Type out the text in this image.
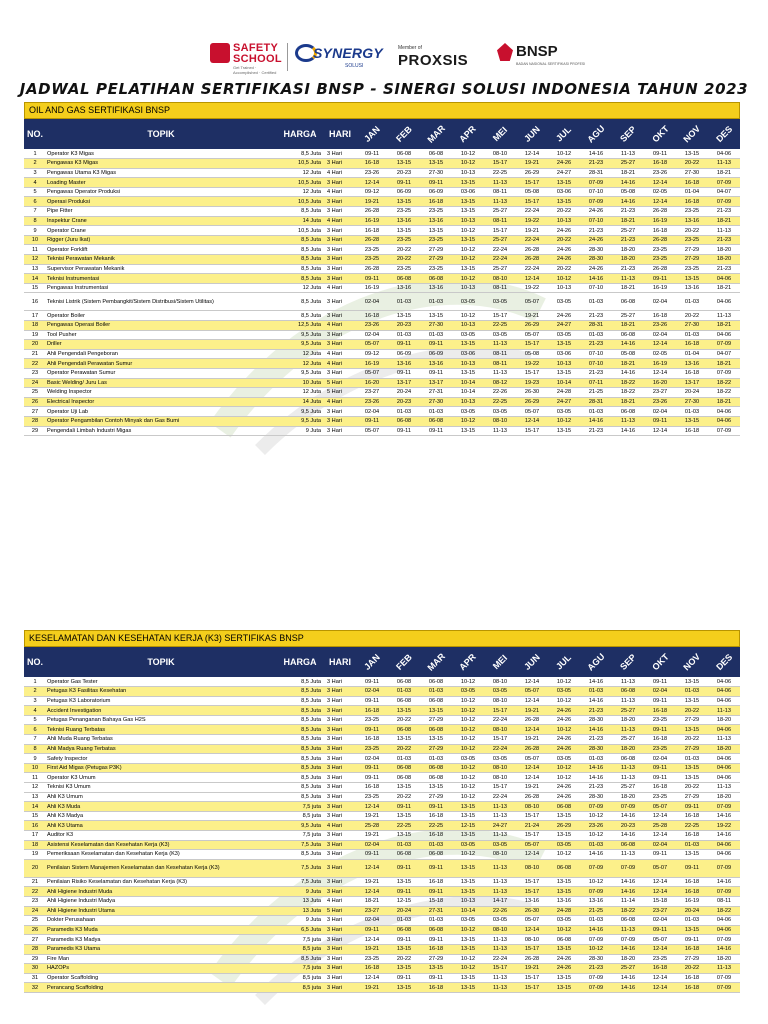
SAFETY
SCHOOL
Get Trained · Accomplished · Certified
SYNERGY
SOLUSI
Member of
PROXSIS
BNSP
BADAN NASIONAL SERTIFIKASI PROFESI
JADWAL PELATIHAN SERTIFIKASI BNSP - SINERGI SOLUSI INDONESIA TAHUN 2023
OIL AND GAS SERTIFIKASI BNSP
NO.	TOPIK	HARGA	HARI	JAN	FEB	MAR	APR	MEI	JUN	JUL	AGU	SEP	OKT	NOV	DES
1	Operator K3 Migas	8,5 Juta	3 Hari	09-11	06-08	06-08	10-12	08-10	12-14	10-12	14-16	11-13	09-11	13-15	04-06
2	Pengawas K3 Migas	10,5 Juta	3 Hari	16-18	13-15	13-15	10-12	15-17	19-21	24-26	21-23	25-27	16-18	20-22	11-13
3	Pengawas Utama K3 Migas	12 Juta	4 Hari	23-26	20-23	27-30	10-13	22-25	26-29	24-27	28-31	18-21	23-26	27-30	18-21
4	Loading Master	10,5 Juta	3 Hari	12-14	09-11	09-11	13-15	11-13	15-17	13-15	07-09	14-16	12-14	16-18	07-09
5	Pengawas Operator Produksi	12 Juta	4 Hari	09-12	06-09	06-09	03-06	08-11	05-08	03-06	07-10	05-08	02-05	01-04	04-07
6	Operasi Produksi	10,5 Juta	3 Hari	19-21	13-15	16-18	13-15	11-13	15-17	13-15	07-09	14-16	12-14	16-18	07-09
7	Pipe Fitter	8,5 Juta	3 Hari	26-28	23-25	23-25	13-15	25-27	22-24	20-22	24-26	21-23	26-28	23-25	21-23
8	Inspektur Crane	14 Juta	4 Hari	16-19	13-16	13-16	10-13	08-11	19-22	10-13	07-10	18-21	16-19	13-16	18-21
9	Operator Crane	10,5 Juta	3 Hari	16-18	13-15	13-15	10-12	15-17	19-21	24-26	21-23	25-27	16-18	20-22	11-13
10	Rigger (Juru Ikat)	8,5 Juta	3 Hari	26-28	23-25	23-25	13-15	25-27	22-24	20-22	24-26	21-23	26-28	23-25	21-23
11	Operator Forklift	8,5 Juta	3 Hari	23-25	20-22	27-29	10-12	22-24	26-28	24-26	28-30	18-20	23-25	27-29	18-20
12	Teknisi Perawatan Mekanik	8,5 Juta	3 Hari	23-25	20-22	27-29	10-12	22-24	26-28	24-26	28-30	18-20	23-25	27-29	18-20
13	Supervisor Perawatan Mekanik	8,5 Juta	3 Hari	26-28	23-25	23-25	13-15	25-27	22-24	20-22	24-26	21-23	26-28	23-25	21-23
14	Teknisi Instrumentasi	8,5 Juta	3 Hari	09-11	06-08	06-08	10-12	08-10	12-14	10-12	14-16	11-13	09-11	13-15	04-06
15	Pengawas Instrumentasi	12 Juta	4 Hari	16-19	13-16	13-16	10-13	08-11	19-22	10-13	07-10	18-21	16-19	13-16	18-21
16	Teknisi Listrik (Sistem Pembangkit/Sistem Distribusi/Sistem Utilitas)	8,5 Juta	3 Hari	02-04	01-03	01-03	03-05	03-05	05-07	03-05	01-03	06-08	02-04	01-03	04-06
17	Operator Boiler	8,5 Juta	3 Hari	16-18	13-15	13-15	10-12	15-17	19-21	24-26	21-23	25-27	16-18	20-22	11-13
18	Pengawas Operasi Boiler	12,5 Juta	4 Hari	23-26	20-23	27-30	10-13	22-25	26-29	24-27	28-31	18-21	23-26	27-30	18-21
19	Tool Pusher	9,5 Juta	3 Hari	02-04	01-03	01-03	03-05	03-05	05-07	03-05	01-03	06-08	02-04	01-03	04-06
20	Driller	9,5 Juta	3 Hari	05-07	09-11	09-11	13-15	11-13	15-17	13-15	21-23	14-16	12-14	16-18	07-09
21	Ahli Pengendali Pengeboran	12 Juta	4 Hari	09-12	06-09	06-09	03-06	08-11	05-08	03-06	07-10	05-08	02-05	01-04	04-07
22	Ahli Pengendali Perawatan Sumur	12 Juta	4 Hari	16-19	13-16	13-16	10-13	08-11	19-22	10-13	07-10	18-21	16-19	13-16	18-21
23	Operator Perawatan Sumur	9,5 Juta	3 Hari	05-07	09-11	09-11	13-15	11-13	15-17	13-15	21-23	14-16	12-14	16-18	07-09
24	Basic Welding/ Juru Las	10 Juta	5 Hari	16-20	13-17	13-17	10-14	08-12	19-23	10-14	07-11	18-22	16-20	13-17	18-22
25	Welding Inspector	12 Juta	5 Hari	23-27	20-24	27-31	10-14	22-26	26-30	24-28	21-25	18-22	23-27	20-24	18-22
26	Electrical Inspector	14 Juta	4 Hari	23-26	20-23	27-30	10-13	22-25	26-29	24-27	28-31	18-21	23-26	27-30	18-21
27	Operator Uji Lab	9,5 Juta	3 Hari	02-04	01-03	01-03	03-05	03-05	05-07	03-05	01-03	06-08	02-04	01-03	04-06
28	Operator Pengambilan Contoh Minyak dan Gas Bumi	9,5 Juta	3 Hari	09-11	06-08	06-08	10-12	08-10	12-14	10-12	14-16	11-13	09-11	13-15	04-06
29	Pengendali Limbah Industri Migas	9 Juta	3 Hari	05-07	09-11	09-11	13-15	11-13	15-17	13-15	21-23	14-16	12-14	16-18	07-09
KESELAMATAN DAN KESEHATAN KERJA (K3) SERTIFIKAS BNSP
NO.	TOPIK	HARGA	HARI	JAN	FEB	MAR	APR	MEI	JUN	JUL	AGU	SEP	OKT	NOV	DES
1	Operator Gas Tester	8,5 Juta	3 Hari	09-11	06-08	06-08	10-12	08-10	12-14	10-12	14-16	11-13	09-11	13-15	04-06
2	Petugas K3 Fasilitas Kesehatan	8,5 Juta	3 Hari	02-04	01-03	01-03	03-05	03-05	05-07	03-05	01-03	06-08	02-04	01-03	04-06
3	Petugas K3 Laboratorium	8,5 Juta	3 Hari	09-11	06-08	06-08	10-12	08-10	12-14	10-12	14-16	11-13	09-11	13-15	04-06
4	Accident Investigation	8,5 Juta	3 Hari	16-18	13-15	13-15	10-12	15-17	19-21	24-26	21-23	25-27	16-18	20-22	11-13
5	Petugas Penanganan Bahaya Gas H2S	8,5 Juta	3 Hari	23-25	20-22	27-29	10-12	22-24	26-28	24-26	28-30	18-20	23-25	27-29	18-20
6	Teknisi Ruang Terbatas	8,5 Juta	3 Hari	09-11	06-08	06-08	10-12	08-10	12-14	10-12	14-16	11-13	09-11	13-15	04-06
7	Ahli Muda Ruang Terbatas	8,5 Juta	3 Hari	16-18	13-15	13-15	10-12	15-17	19-21	24-26	21-23	25-27	16-18	20-22	11-13
8	Ahli Madya Ruang Terbatas	8,5 Juta	3 Hari	23-25	20-22	27-29	10-12	22-24	26-28	24-26	28-30	18-20	23-25	27-29	18-20
9	Safety Inspector	8,5 Juta	3 Hari	02-04	01-03	01-03	03-05	03-05	05-07	03-05	01-03	06-08	02-04	01-03	04-06
10	First Aid Migas (Petugas P3K)	8,5 Juta	3 Hari	09-11	06-08	06-08	10-12	08-10	12-14	10-12	14-16	11-13	09-11	13-15	04-06
11	Operator K3 Umum	8,5 Juta	3 Hari	09-11	06-08	06-08	10-12	08-10	12-14	10-12	14-16	11-13	09-11	13-15	04-06
12	Teknisi K3 Umum	8,5 Juta	3 Hari	16-18	13-15	13-15	10-12	15-17	19-21	24-26	21-23	25-27	16-18	20-22	11-13
13	Ahli K3 Umum	8,5 Juta	3 Hari	23-25	20-22	27-29	10-12	22-24	26-28	24-26	28-30	18-20	23-25	27-29	18-20
14	Ahli K3 Muda	7,5 juta	3 Hari	12-14	09-11	09-11	13-15	11-13	08-10	06-08	07-09	07-09	05-07	09-11	07-09
15	Ahli K3 Madya	8,5 juta	3 Hari	19-21	13-15	16-18	13-15	11-13	15-17	13-15	10-12	14-16	12-14	16-18	14-16
16	Ahli K3 Utama	9,5 Juta	4 Hari	25-28	22-25	22-25	12-15	24-27	21-24	26-29	23-26	20-23	25-28	22-25	19-22
17	Auditor K3	7,5 juta	3 Hari	19-21	13-15	16-18	13-15	11-13	15-17	13-15	10-12	14-16	12-14	16-18	14-16
18	Asistensi Keselamatan dan Kesehatan Kerja (K3)	7,5 Juta	3 Hari	02-04	01-03	01-03	03-05	03-05	05-07	03-05	01-03	06-08	02-04	01-03	04-06
19	Pemeriksaan Keselamatan dan Kesehatan Kerja (K3)	8,5 Juta	3 Hari	09-11	06-08	06-08	10-12	08-10	12-14	10-12	14-16	11-13	09-11	13-15	04-06
20	Penilaian Sistem Manajemen Keselamatan dan Kesehatan Kerja (K3)	7,5 Juta	3 Hari	12-14	09-11	09-11	13-15	11-13	08-10	06-08	07-09	07-09	05-07	09-11	07-09
21	Penilaian Risiko Keselamatan dan Kesehatan Kerja (K3)	7,5 Juta	3 Hari	19-21	13-15	16-18	13-15	11-13	15-17	13-15	10-12	14-16	12-14	16-18	14-16
22	Ahli Higiene Industri Muda	9 Juta	3 Hari	12-14	09-11	09-11	13-15	11-13	15-17	13-15	07-09	14-16	12-14	16-18	07-09
23	Ahli Higiene Industri Madya	13 Juta	4 Hari	18-21	12-15	15-18	10-13	14-17	13-16	13-16	13-16	11-14	15-18	16-19	08-11
24	Ahli Higiene Industri Utama	13 Juta	5 Hari	23-27	20-24	27-31	10-14	22-26	26-30	24-28	21-25	18-22	23-27	20-24	18-22
25	Dokter Perusahaan	9 Juta	3 Hari	02-04	01-03	01-03	03-05	03-05	05-07	03-05	01-03	06-08	02-04	01-03	04-06
26	Paramedis K3 Muda	6,5 Juta	3 Hari	09-11	06-08	06-08	10-12	08-10	12-14	10-12	14-16	11-13	09-11	13-15	04-06
27	Paramedis K3 Madya	7,5 juta	3 Hari	12-14	09-11	09-11	13-15	11-13	08-10	06-08	07-09	07-09	05-07	09-11	07-09
28	Paramedis K3 Utama	8,5 juta	3 Hari	19-21	13-15	16-18	13-15	11-13	15-17	13-15	10-12	14-16	12-14	16-18	14-16
29	Fire Man	8,5 Juta	3 Hari	23-25	20-22	27-29	10-12	22-24	26-28	24-26	28-30	18-20	23-25	27-29	18-20
30	HAZOPs	7,5 juta	3 Hari	16-18	13-15	13-15	10-12	15-17	19-21	24-26	21-23	25-27	16-18	20-22	11-13
31	Operator Scaffolding	8,5 juta	3 Hari	12-14	09-11	09-11	13-15	11-13	15-17	13-15	07-09	14-16	12-14	16-18	07-09
32	Perancang Scaffolding	8,5 juta	3 Hari	19-21	13-15	16-18	13-15	11-13	15-17	13-15	07-09	14-16	12-14	16-18	07-09
